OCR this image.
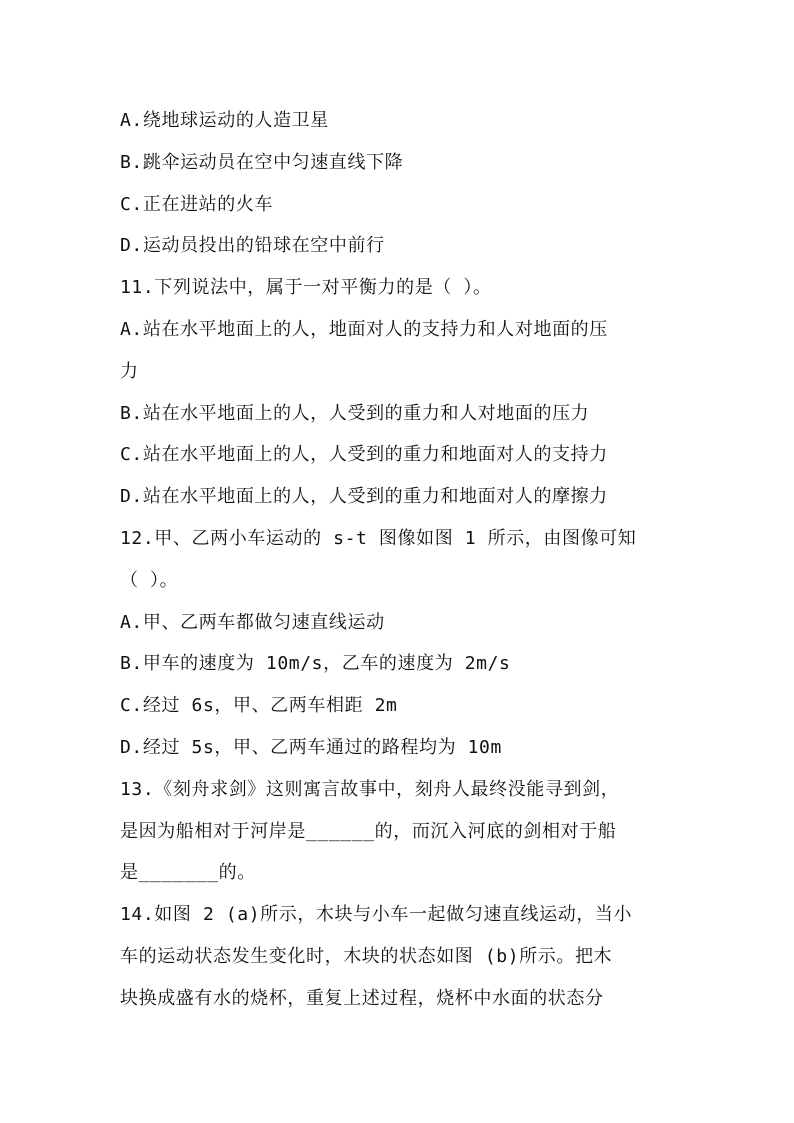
A.绕地球运动的人造卫星
B.跳伞运动员在空中匀速直线下降
C.正在进站的火车
D.运动员投出的铅球在空中前行
11.下列说法中，属于一对平衡力的是（ ）。
A.站在水平地面上的人，地面对人的支持力和人对地面的压
力
B.站在水平地面上的人，人受到的重力和人对地面的压力
C.站在水平地面上的人，人受到的重力和地面对人的支持力
D.站在水平地面上的人，人受到的重力和地面对人的摩擦力
12.甲、乙两小车运动的 s-t 图像如图 1 所示，由图像可知
（ ）。
A.甲、乙两车都做匀速直线运动
B.甲车的速度为 10m/s，乙车的速度为 2m/s
C.经过 6s，甲、乙两车相距 2m
D.经过 5s，甲、乙两车通过的路程均为 10m
13.《刻舟求剑》这则寓言故事中，刻舟人最终没能寻到剑，
是因为船相对于河岸是______的，而沉入河底的剑相对于船
是_______的。
14.如图 2 (a)所示，木块与小车一起做匀速直线运动，当小
车的运动状态发生变化时，木块的状态如图 (b)所示。把木
块换成盛有水的烧杯，重复上述过程，烧杯中水面的状态分
